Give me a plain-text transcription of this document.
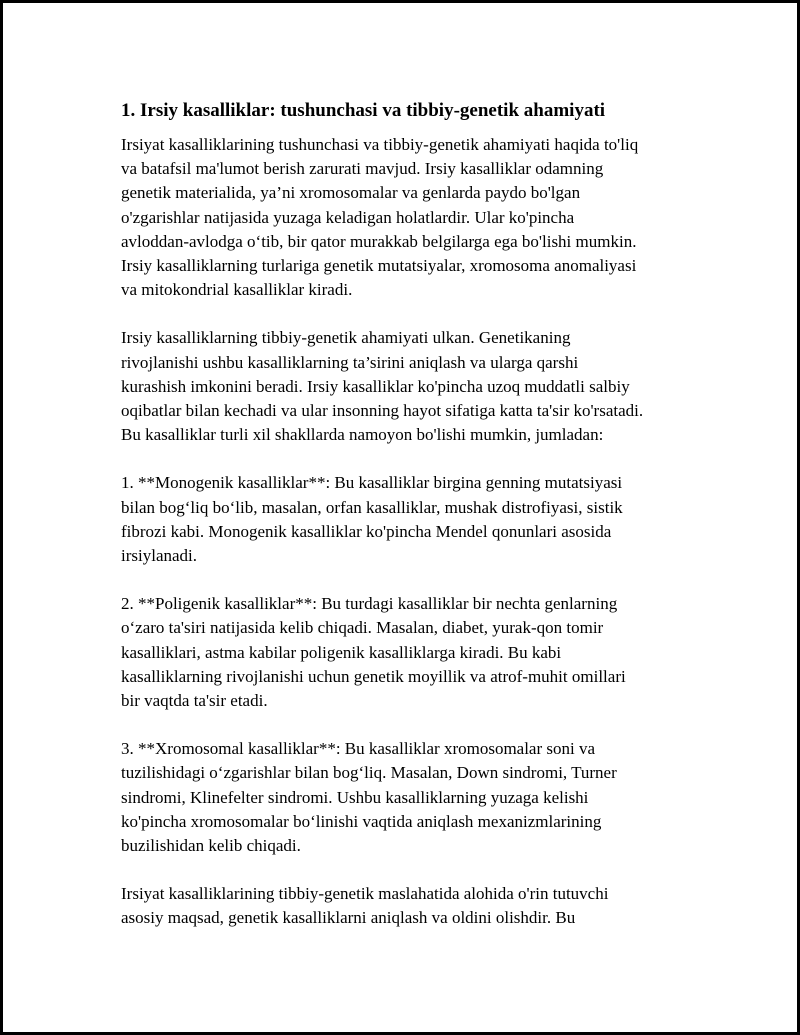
1. Irsiy kasalliklar: tushunchasi va tibbiy-genetik ahamiyati

Irsiyat kasalliklarining tushunchasi va tibbiy-genetik ahamiyati haqida to'liq

va batafsil ma'lumot berish zarurati mavjud. Irsiy kasalliklar odamning

genetik materialida, ya’ni xromosomalar va genlarda paydo bo'lgan

o'zgarishlar natijasida yuzaga keladigan holatlardir. Ular ko'pincha

avloddan-avlodga o‘tib, bir qator murakkab belgilarga ega bo'lishi mumkin.

Irsiy kasalliklarning turlariga genetik mutatsiyalar, xromosoma anomaliyasi

va mitokondrial kasalliklar kiradi.

Irsiy kasalliklarning tibbiy-genetik ahamiyati ulkan. Genetikaning

rivojlanishi ushbu kasalliklarning ta’sirini aniqlash va ularga qarshi

kurashish imkonini beradi. Irsiy kasalliklar ko'pincha uzoq muddatli salbiy

oqibatlar bilan kechadi va ular insonning hayot sifatiga katta ta'sir ko'rsatadi.

Bu kasalliklar turli xil shakllarda namoyon bo'lishi mumkin, jumladan:

1. **Monogenik kasalliklar**: Bu kasalliklar birgina genning mutatsiyasi

bilan bog‘liq bo‘lib, masalan, orfan kasalliklar, mushak distrofiyasi, sistik

fibrozi kabi. Monogenik kasalliklar ko'pincha Mendel qonunlari asosida

irsiylanadi.

2. **Poligenik kasalliklar**: Bu turdagi kasalliklar bir nechta genlarning

o‘zaro ta'siri natijasida kelib chiqadi. Masalan, diabet, yurak-qon tomir

kasalliklari, astma kabilar poligenik kasalliklarga kiradi. Bu kabi

kasalliklarning rivojlanishi uchun genetik moyillik va atrof-muhit omillari

bir vaqtda ta'sir etadi.

3. **Xromosomal kasalliklar**: Bu kasalliklar xromosomalar soni va

tuzilishidagi o‘zgarishlar bilan bog‘liq. Masalan, Down sindromi, Turner

sindromi, Klinefelter sindromi. Ushbu kasalliklarning yuzaga kelishi

ko'pincha xromosomalar bo‘linishi vaqtida aniqlash mexanizmlarining

buzilishidan kelib chiqadi.

Irsiyat kasalliklarining tibbiy-genetik maslahatida alohida o'rin tutuvchi

asosiy maqsad, genetik kasalliklarni aniqlash va oldini olishdir. Bu
